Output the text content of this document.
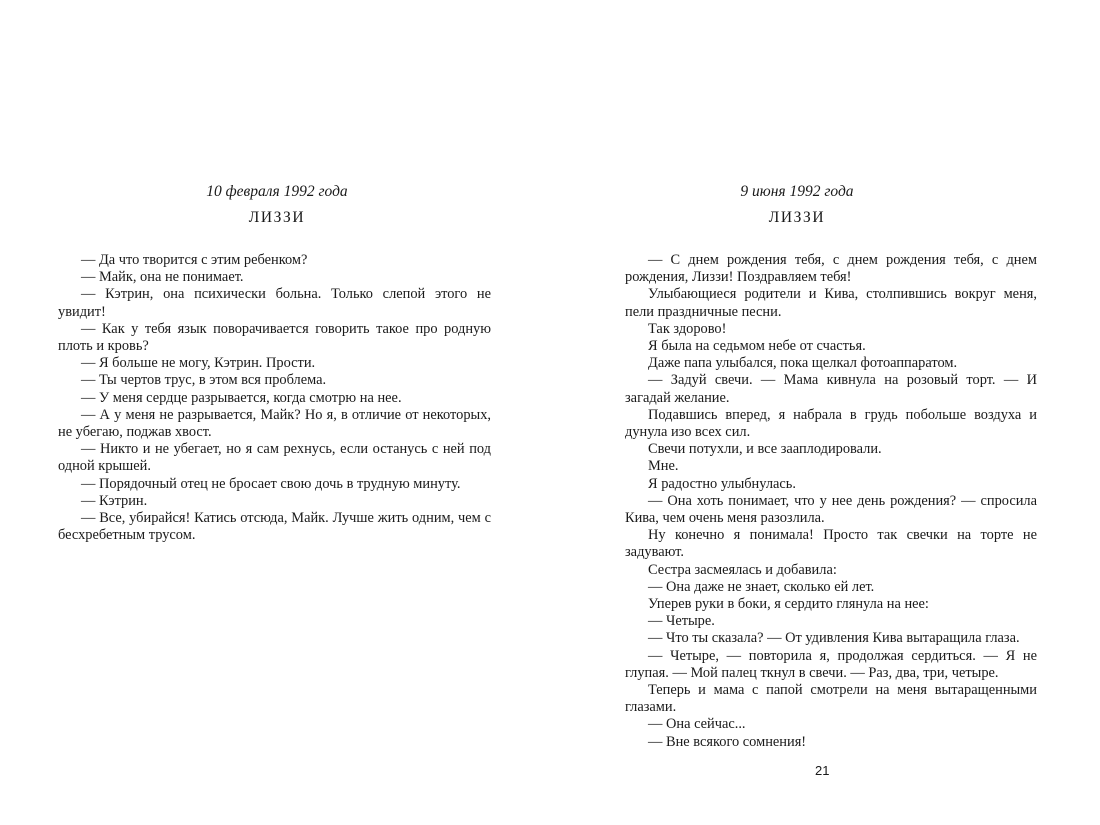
10 февраля 1992 года
ЛИЗЗИ

— Да что творится с этим ребенком?

— Майк, она не понимает.

— Кэтрин, она психически больна. Только слепой этого не увидит!

— Как у тебя язык поворачивается говорить такое про родную плоть и кровь?

— Я больше не могу, Кэтрин. Прости.

— Ты чертов трус, в этом вся проблема.

— У меня сердце разрывается, когда смотрю на нее.

— А у меня не разрывается, Майк? Но я, в отличие от некоторых, не убегаю, поджав хвост.

— Никто и не убегает, но я сам рехнусь, если останусь с ней под одной крышей.

— Порядочный отец не бросает свою дочь в трудную минуту.

— Кэтрин.

— Все, убирайся! Катись отсюда, Майк. Лучше жить одним, чем с бесхребетным трусом.

9 июня 1992 года
ЛИЗЗИ

— С днем рождения тебя, с днем рождения тебя, с днем рождения, Лиззи! Поздравляем тебя!

Улыбающиеся родители и Кива, столпившись вокруг меня, пели праздничные песни.

Так здорово!

Я была на седьмом небе от счастья.

Даже папа улыбался, пока щелкал фотоаппаратом.

— Задуй свечи. — Мама кивнула на розовый торт. — И загадай желание.

Подавшись вперед, я набрала в грудь побольше воздуха и дунула изо всех сил.

Свечи потухли, и все зааплодировали.

Мне.

Я радостно улыбнулась.

— Она хоть понимает, что у нее день рождения? — спросила Кива, чем очень меня разозлила.

Ну конечно я понимала! Просто так свечки на торте не задувают.

Сестра засмеялась и добавила:

— Она даже не знает, сколько ей лет.

Уперев руки в боки, я сердито глянула на нее:

— Четыре.

— Что ты сказала? — От удивления Кива вытаращила глаза.

— Четыре, — повторила я, продолжая сердиться. — Я не глупая. — Мой палец ткнул в свечи. — Раз, два, три, четыре.

Теперь и мама с папой смотрели на меня вытаращенными глазами.

— Она сейчас...

— Вне всякого сомнения!

21
